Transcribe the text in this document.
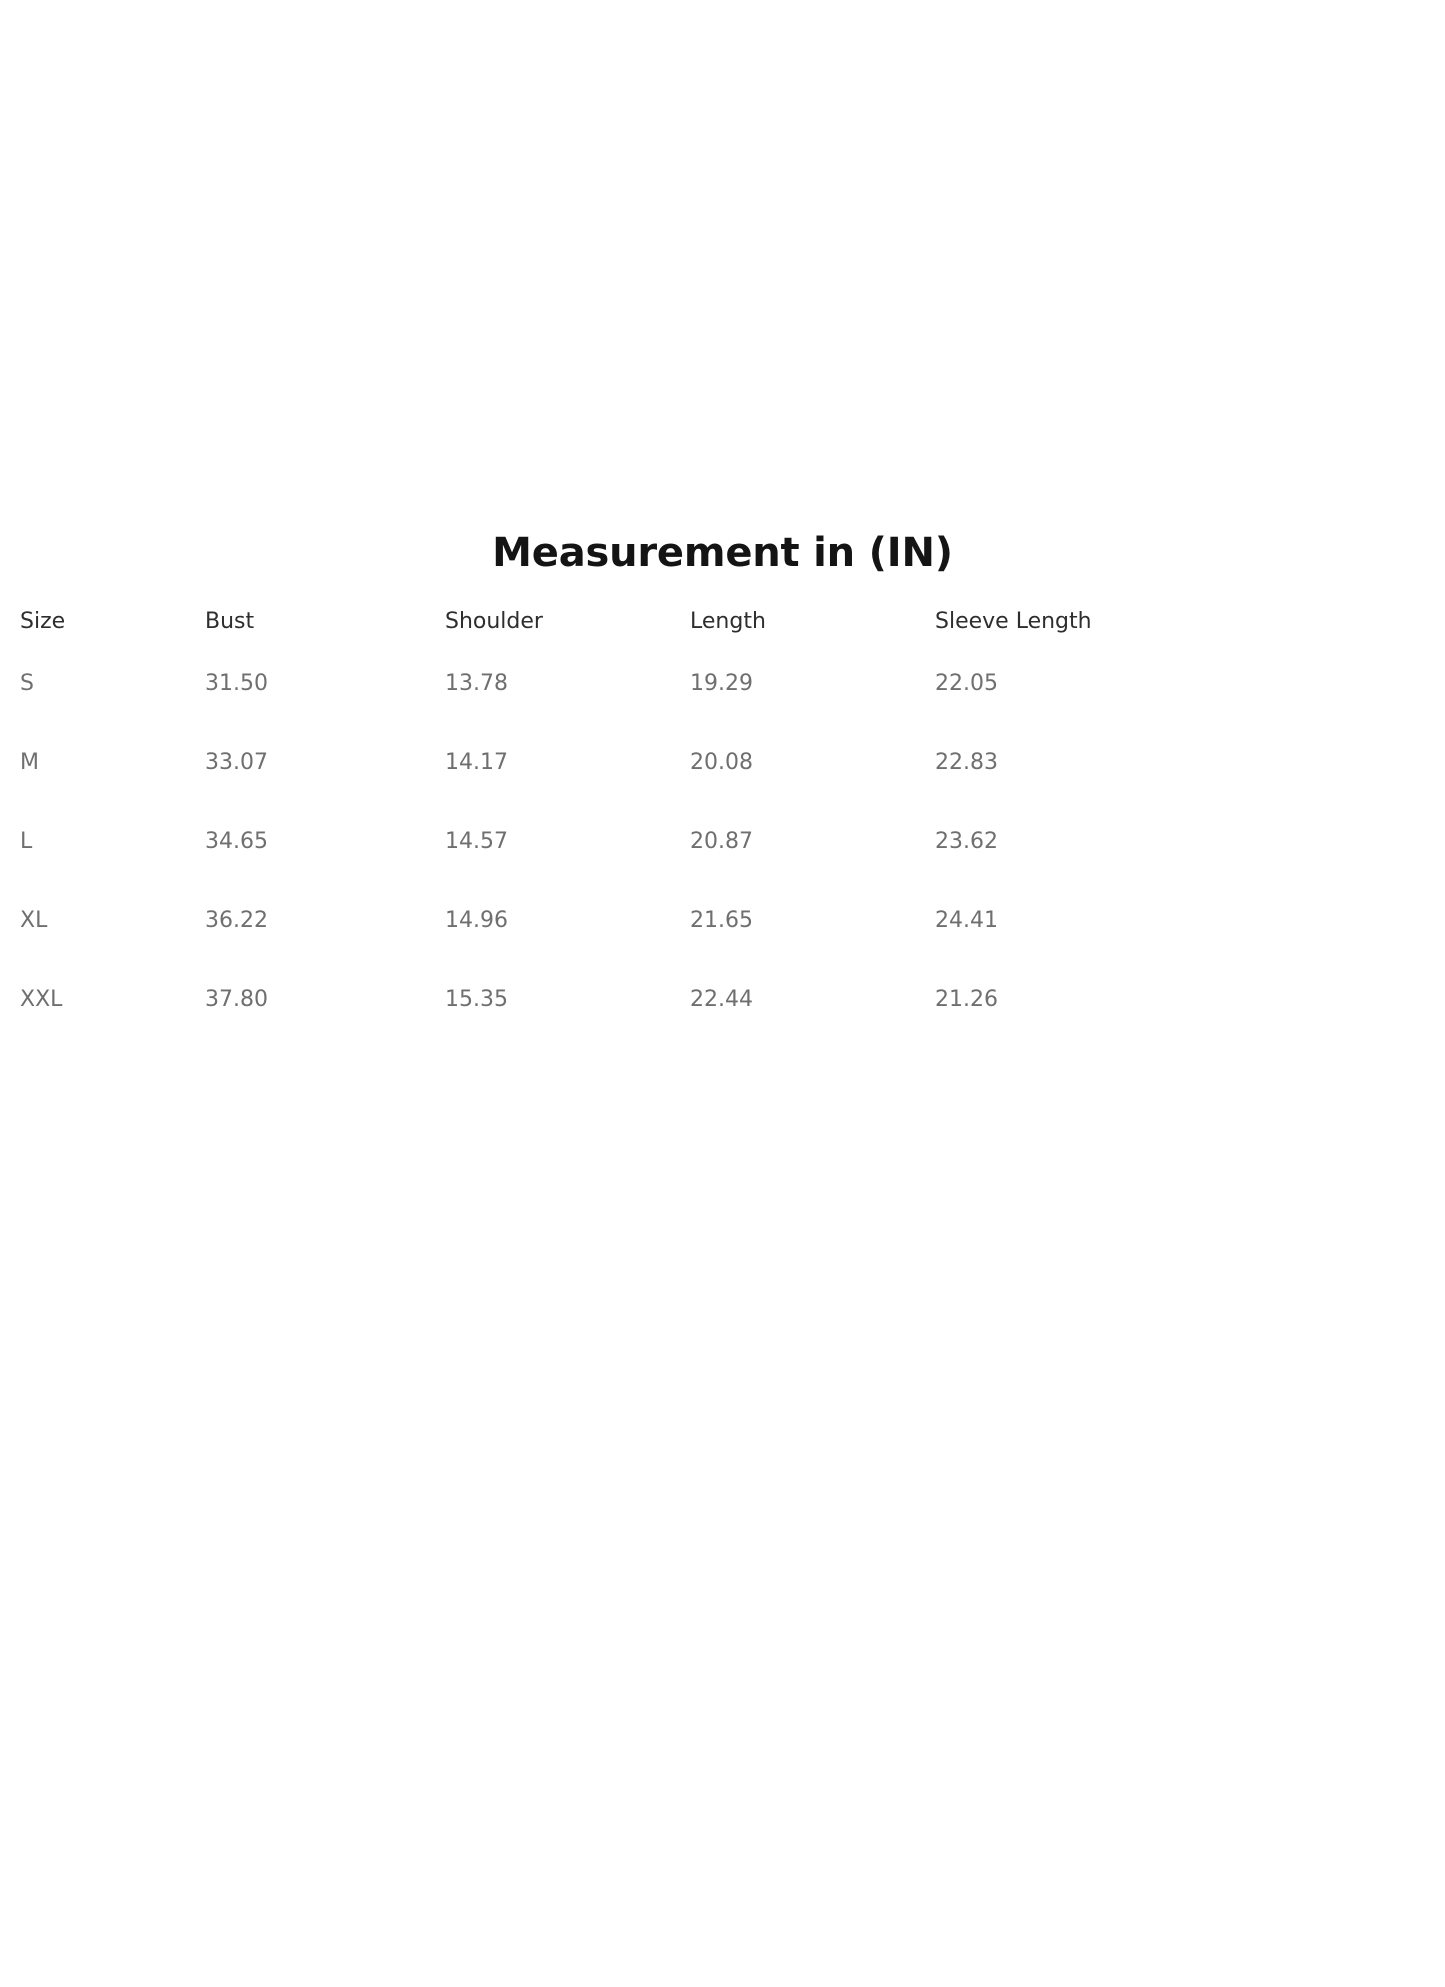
Measurement in (IN)
Size	Bust	Shoulder	Length	Sleeve Length
S	31.50	13.78	19.29	22.05
M	33.07	14.17	20.08	22.83
L	34.65	14.57	20.87	23.62
XL	36.22	14.96	21.65	24.41
XXL	37.80	15.35	22.44	21.26
